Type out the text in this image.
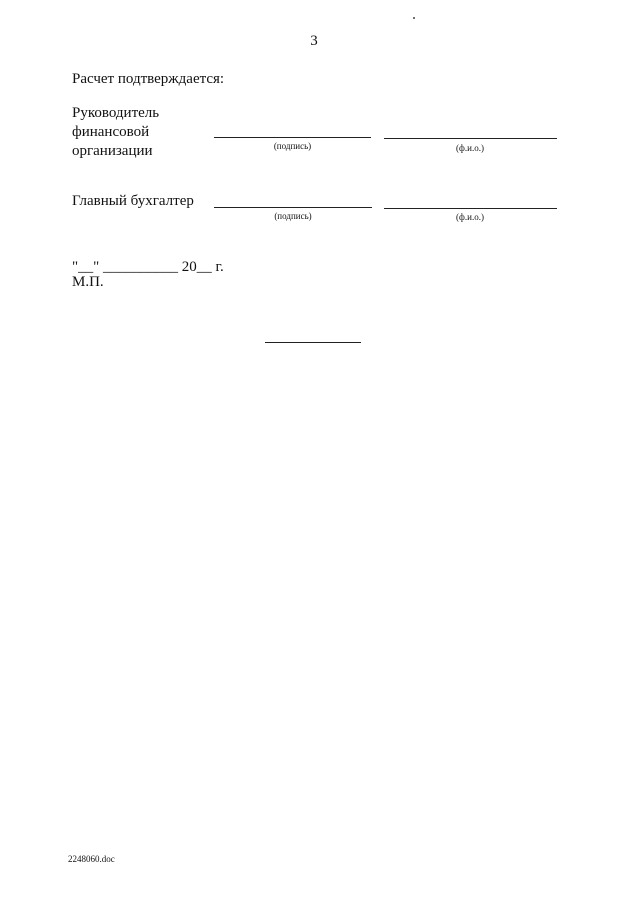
3
Расчет подтверждается:
Руководитель
финансовой
организации	(подпись)	(ф.и.о.)
Главный бухгалтер
(подпись)	(ф.и.о.)
"__" __________ 20__ г.
М.П.
2248060.doc
